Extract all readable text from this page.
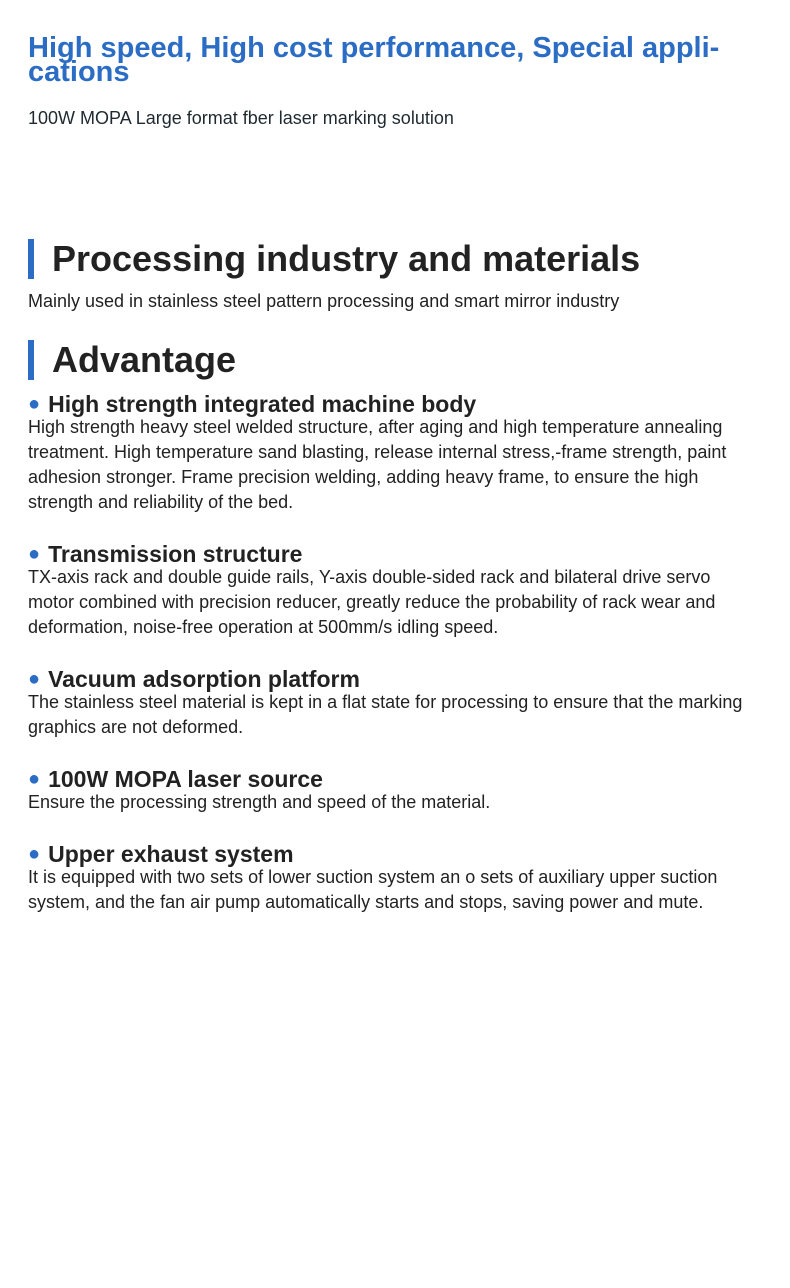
High speed, High cost performance, Special appli-cations

100W MOPA Large format fber laser marking solution

Processing industry and materials

Mainly used in stainless steel pattern processing and smart mirror industry

Advantage
● High strength integrated machine body

High strength heavy steel welded structure, after aging and high temperature annealing treatment. High temperature sand blasting, release internal stress,-frame strength, paint adhesion stronger. Frame precision welding, adding heavy frame, to ensure the high strength and reliability of the bed.

● Transmission structure

TX-axis rack and double guide rails, Y-axis double-sided rack and bilateral drive servo motor combined with precision reducer, greatly reduce the probability of rack wear and deformation, noise-free operation at 500mm/s idling speed.

● Vacuum adsorption platform

The stainless steel material is kept in a flat state for processing to ensure that the marking graphics are not deformed.

● 100W MOPA laser source

Ensure the processing strength and speed of the material.

● Upper exhaust system

It is equipped with two sets of lower suction system an o sets of auxiliary upper suction system, and the fan air pump automatically starts and stops, saving power and mute.
